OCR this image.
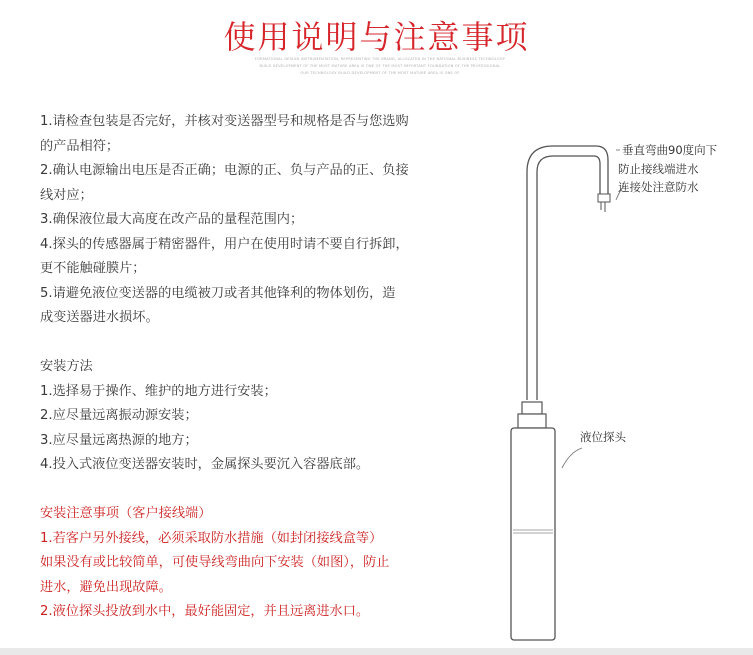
使用说明与注意事项
FORMATIONAL DESIGN INSTRUMENTATION, REPRESENTING THE BRAND, ALLOCATED IN THE NATIONAL BUSINESS TECHNOLOGY
BUILD DEVELOPMENT OF THE MOST MATURE AREA IS ONE OF THE MOST IMPORTANT FOUNDATION OF THE PROFESSIONAL
OUR TECHNOLOGY BUILD DEVELOPMENT OF THE MOST MATURE AREA IS ONE OF
1.请检查包装是否完好，并核对变送器型号和规格是否与您选购
的产品相符；
2.确认电源输出电压是否正确；电源的正、负与产品的正、负接
线对应；
3.确保液位最大高度在改产品的量程范围内；
4.探头的传感器属于精密器件，用户在使用时请不要自行拆卸，
更不能触碰膜片；
5.请避免液位变送器的电缆被刀或者其他锋利的物体划伤，造
成变送器进水损坏。
安装方法
1.选择易于操作、维护的地方进行安装；
2.应尽量远离振动源安装；
3.应尽量远离热源的地方；
4.投入式液位变送器安装时，金属探头要沉入容器底部。
安装注意事项（客户接线端）
1.若客户另外接线，必须采取防水措施（如封闭接线盒等）
如果没有或比较简单，可使导线弯曲向下安装（如图），防止
进水，避免出现故障。
2.液位探头投放到水中，最好能固定，并且远离进水口。
垂直弯曲90度向下
防止接线端进水
连接处注意防水
液位探头
